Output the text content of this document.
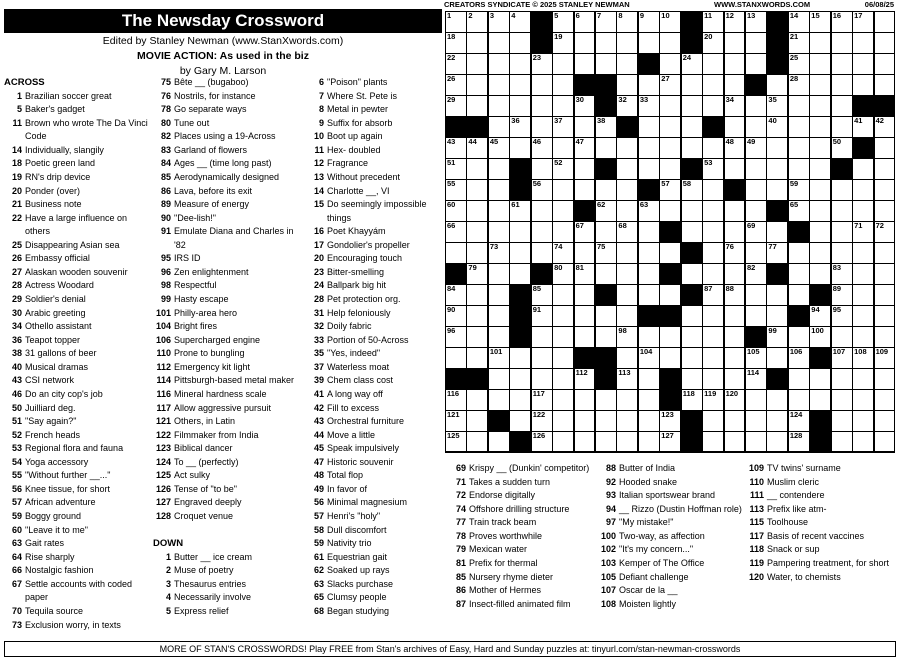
CREATORS SYNDICATE © 2025 STANLEY NEWMAN	WWW.STANXWORDS.COM	06/08/25
The Newsday Crossword
Edited by Stanley Newman (www.StanXwords.com)
MOVIE ACTION: As used in the biz
by Gary M. Larson
ACROSS
1 Brazilian soccer great
5 Baker's gadget
11 Brown who wrote The Da Vinci Code
14 Individually, slangily
18 Poetic green land
19 RN's drip device
20 Ponder (over)
21 Business note
22 Have a large influence on others
25 Disappearing Asian sea
26 Embassy official
27 Alaskan wooden souvenir
28 Actress Woodard
29 Soldier's denial
30 Arabic greeting
34 Othello assistant
36 Teapot topper
38 31 gallons of beer
40 Musical dramas
43 CSI network
46 Do an city cop's job
50 Juilliard deg.
51 "Say again?"
52 French heads
53 Regional flora and fauna
54 Yoga accessory
55 "Without further __..."
56 Knee tissue, for short
57 African adventure
59 Boggy ground
60 "Leave it to me"
63 Gait rates
64 Rise sharply
66 Nostalgic fashion
67 Settle accounts with coded paper
70 Tequila source
73 Exclusion worry, in texts
75 Bête __ (bugaboo)
76 Nostrils, for instance
78 Go separate ways
80 Tune out
82 Places using a 19-Across
83 Garland of flowers
84 Ages __ (time long past)
85 Aerodynamically designed
86 Lava, before its exit
89 Measure of energy
90 "Dee-lish!"
91 Emulate Diana and Charles in '82
95 IRS ID
96 Zen enlightenment
98 Respectful
99 Hasty escape
101 Philly-area hero
104 Bright fires
106 Supercharged engine
110 Prone to bungling
112 Emergency kit light
114 Pittsburgh-based metal maker
116 Mineral hardness scale
117 Allow aggressive pursuit
121 Others, in Latin
122 Filmmaker from India
123 Biblical dancer
124 To __ (perfectly)
125 Act sulky
126 Tense of "to be"
127 Engraved deeply
128 Croquet venue

DOWN
1 Butter __ ice cream
2 Muse of poetry
3 Thesaurus entries
4 Necessarily involve
5 Express relief
6 "Poison" plants
7 Where St. Pete is
8 Metal in pewter
9 Suffix for absorb
10 Boot up again
11 Hex- doubled
12 Fragrance
13 Without precedent
14 Charlotte __, VI
15 Do seemingly impossible things
16 Poet Khayyám
17 Gondolier's propeller
20 Encouraging touch
23 Bitter-smelling
24 Ballpark big hit
28 Pet protection org.
31 Help feloniously
32 Doily fabric
33 Portion of 50-Across
35 "Yes, indeed"
37 Waterless moat
39 Chem class cost
41 A long way off
42 Fill to excess
43 Orchestral furniture
44 Move a little
45 Speak impulsively
47 Historic souvenir
48 Total flop
49 In favor of
56 Minimal magnesium
57 Henri's "holy"
58 Dull discomfort
59 Nativity trio
61 Equestrian gait
62 Soaked up rays
63 Slacks purchase
65 Clumsy people
68 Began studying
69 Krispy __ (Dunkin' competitor)
71 Takes a sudden turn
72 Endorse digitally
74 Offshore drilling structure
77 Train track beam
78 Proves worthwhile
79 Mexican water
81 Prefix for thermal
85 Nursery rhyme dieter
86 Mother of Hermes
87 Insect-filled animated film
88 Butter of India
92 Hooded snake
93 Italian sportswear brand
94 __ Rizzo (Dustin Hoffman role)
97 "My mistake!"
100 Two-way, as affection
102 "It's my concern..."
103 Kemper of The Office
105 Defiant challenge
107 Oscar de la __
108 Moisten lightly
109 TV twins' surname
110 Muslim cleric
111 __ contendere
113 Prefix like atm-
115 Toolhouse
117 Basis of recent vaccines
118 Snack or sup
119 Pampering treatment, for short
120 Water, to chemists
1 2 3 4	5 6 7 8 9 10	11 12 13	14 15 16 17
18	19	20	21
22	23	24	25
26	27	28
29	30	32 33	34	35
36	37	38	40	41 42
43 44 45	46	47	48 49	50
51	52	53
55	56	57 58	59
60	61	62	63	65
66	67	68	69	71 72
73	74	75	76	77
79	80 81	82	83
84	85	87 88	89
90	91	94 95
96	98	99	100
101	104	105	106	107 108 109
112	113	114
116	117	118 119 120
121	122	123	124
125	126	127	128
MORE OF STAN'S CROSSWORDS! Play FREE from Stan's archives of Easy, Hard and Sunday puzzles at: tinyurl.com/stan-newman-crosswords
